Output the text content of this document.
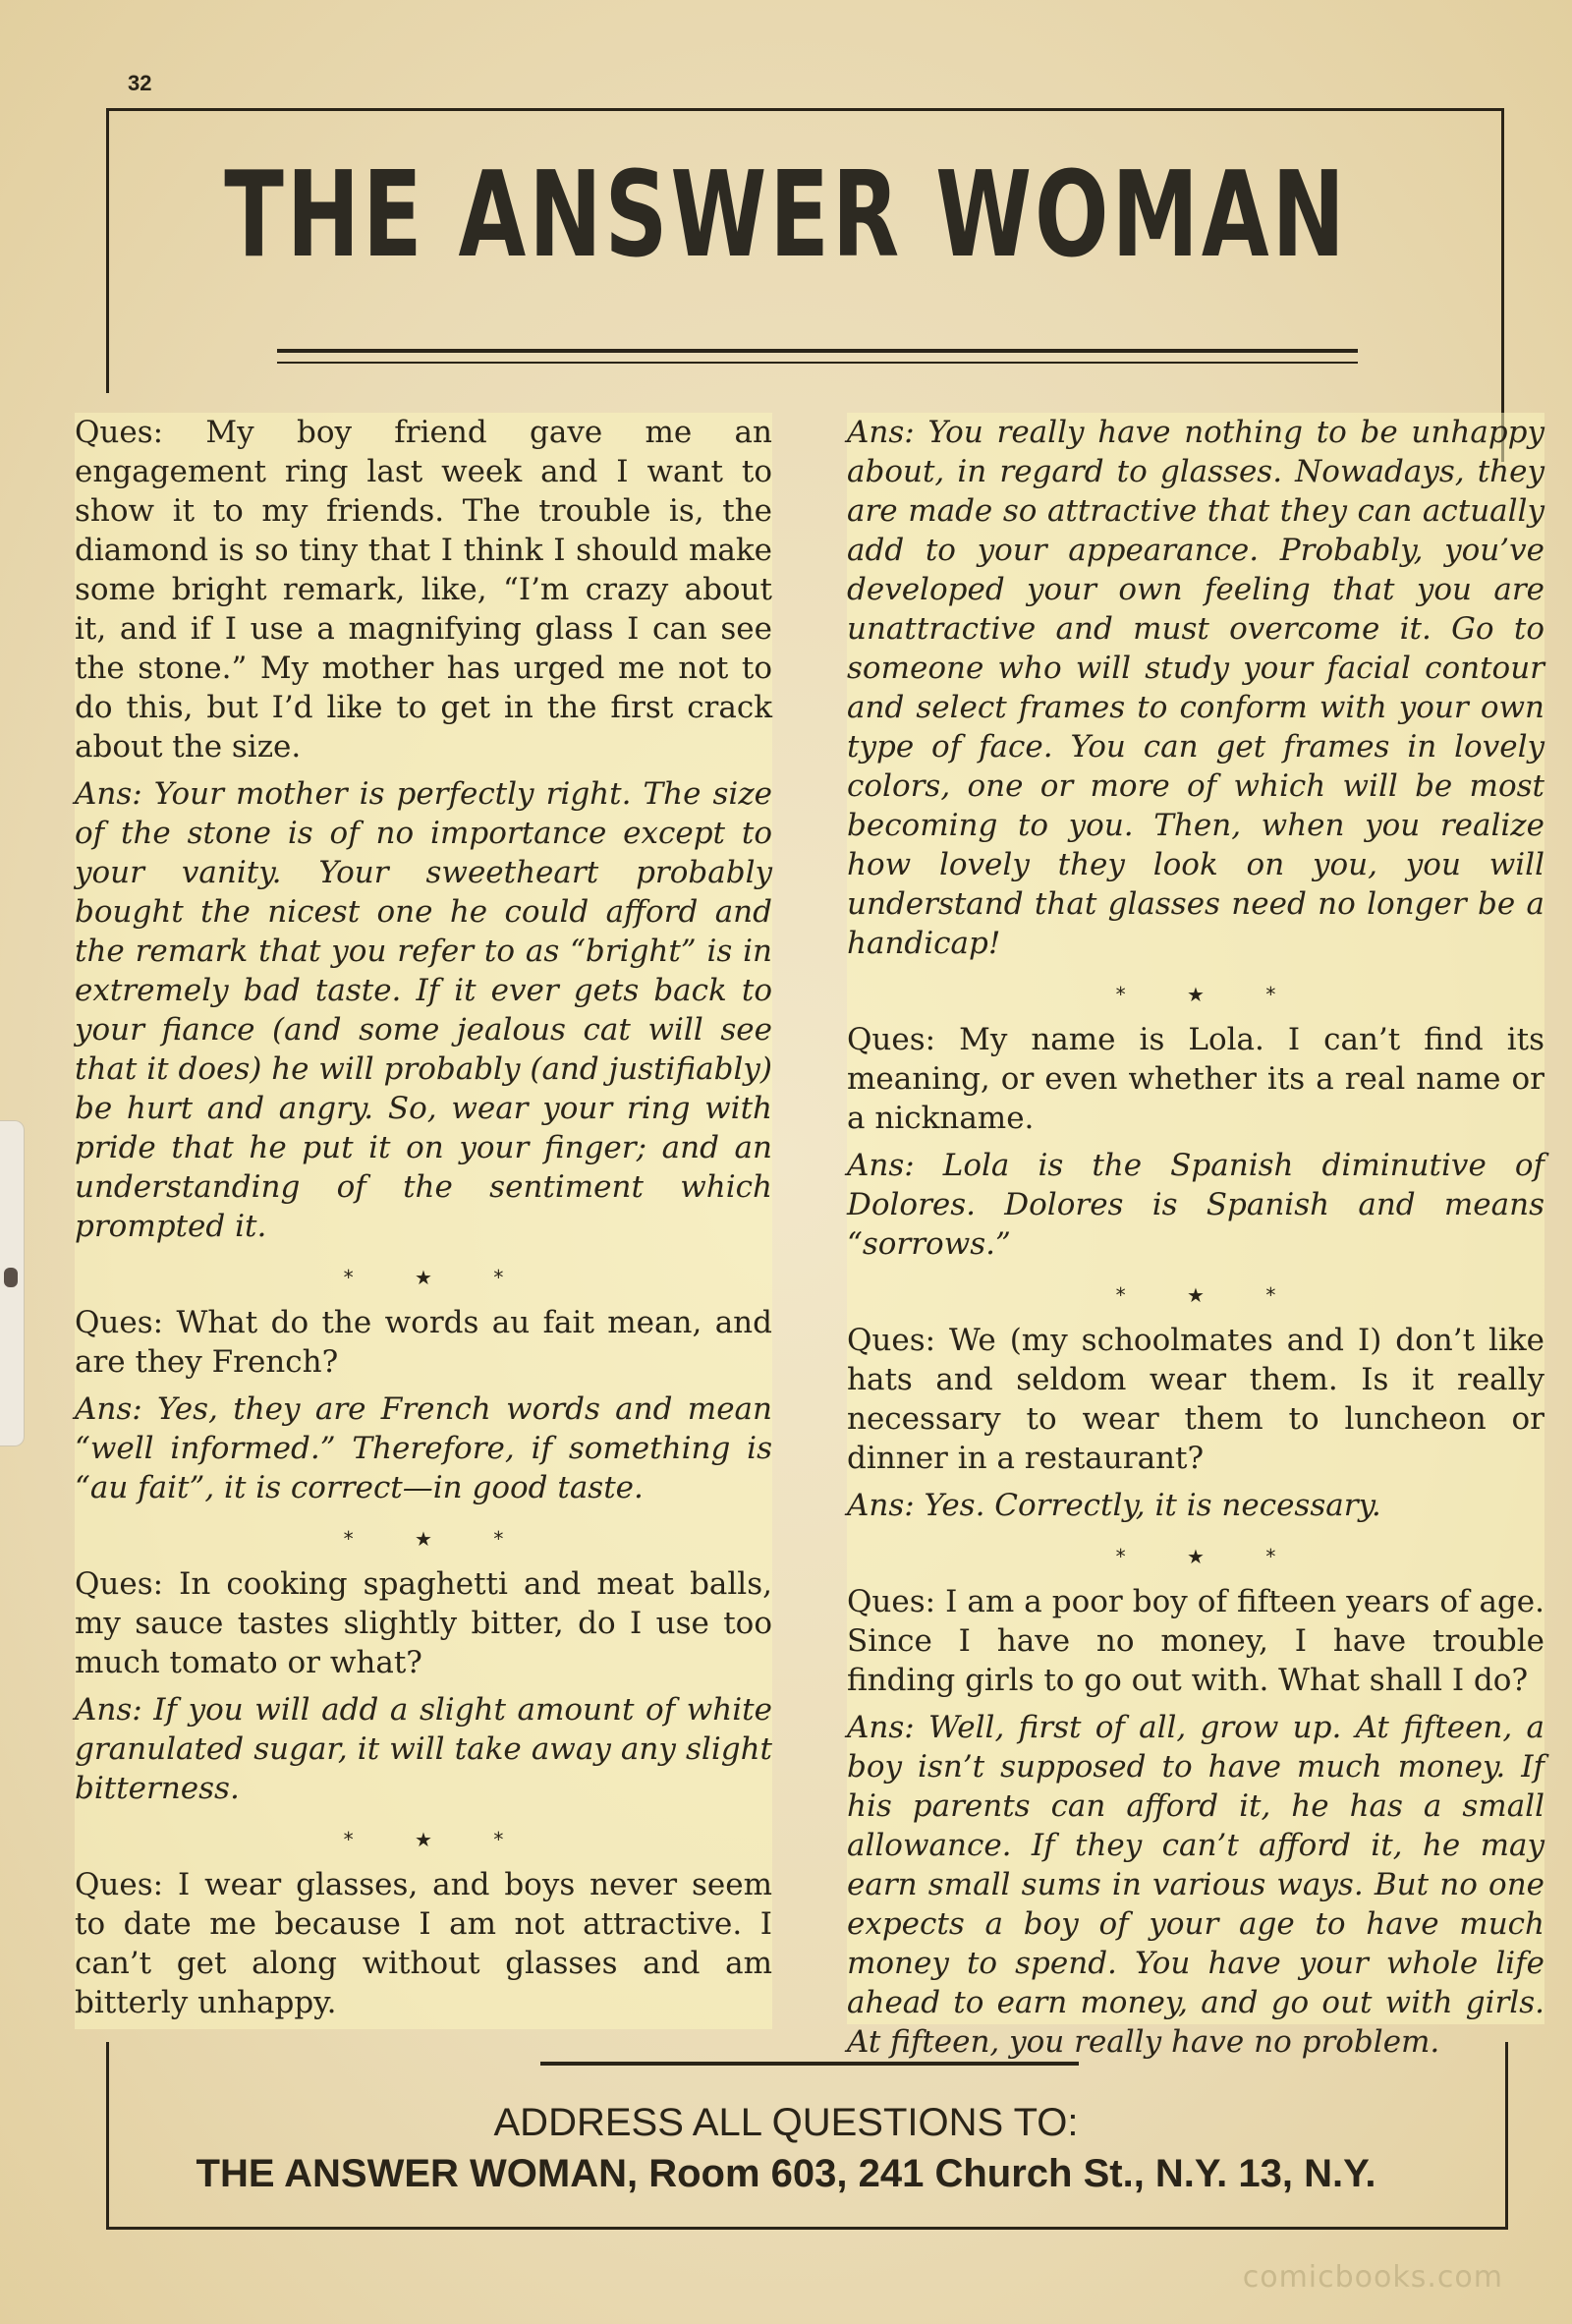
32
THE ANSWER WOMAN

Ques: My boy friend gave me an engagement ring last week and I want to show it to my friends. The trouble is, the diamond is so tiny that I think I should make some bright remark, like, “I’m crazy about it, and if I use a magnifying glass I can see the stone.” My mother has urged me not to do this, but I’d like to get in the first crack about the size.

Ans: Your mother is perfectly right. The size of the stone is of no importance except to your vanity. Your sweetheart probably bought the nicest one he could afford and the remark that you refer to as “bright” is in extremely bad taste. If it ever gets back to your fiance (and some jealous cat will see that it does) he will probably (and justifiably) be hurt and angry. So, wear your ring with pride that he put it on your finger; and an understanding of the sentiment which prompted it.

* ★ *

Ques: What do the words au fait mean, and are they French?

Ans: Yes, they are French words and mean “well informed.” Therefore, if something is “au fait”, it is correct—in good taste.

* ★ *

Ques: In cooking spaghetti and meat balls, my sauce tastes slightly bitter, do I use too much tomato or what?

Ans: If you will add a slight amount of white granulated sugar, it will take away any slight bitterness.

* ★ *

Ques: I wear glasses, and boys never seem to date me because I am not attractive. I can’t get along without glasses and am bitterly unhappy.

Ans: You really have nothing to be unhappy about, in regard to glasses. Nowadays, they are made so attractive that they can actually add to your appearance. Probably, you’ve developed your own feeling that you are unattractive and must overcome it. Go to someone who will study your facial contour and select frames to conform with your own type of face. You can get frames in lovely colors, one or more of which will be most becoming to you. Then, when you realize how lovely they look on you, you will understand that glasses need no longer be a handicap!

* ★ *

Ques: My name is Lola. I can’t find its meaning, or even whether its a real name or a nickname.

Ans: Lola is the Spanish diminutive of Dolores. Dolores is Spanish and means “sorrows.”

* ★ *

Ques: We (my schoolmates and I) don’t like hats and seldom wear them. Is it really necessary to wear them to luncheon or dinner in a restaurant?

Ans: Yes. Correctly, it is necessary.

* ★ *

Ques: I am a poor boy of fifteen years of age. Since I have no money, I have trouble finding girls to go out with. What shall I do?

Ans: Well, first of all, grow up. At fifteen, a boy isn’t supposed to have much money. If his parents can afford it, he has a small allowance. If they can’t afford it, he may earn small sums in various ways. But no one expects a boy of your age to have much money to spend. You have your whole life ahead to earn money, and go out with girls. At fifteen, you really have no problem.

ADDRESS ALL QUESTIONS TO:
THE ANSWER WOMAN, Room 603, 241 Church St., N.Y. 13, N.Y.
comicbooks.com
